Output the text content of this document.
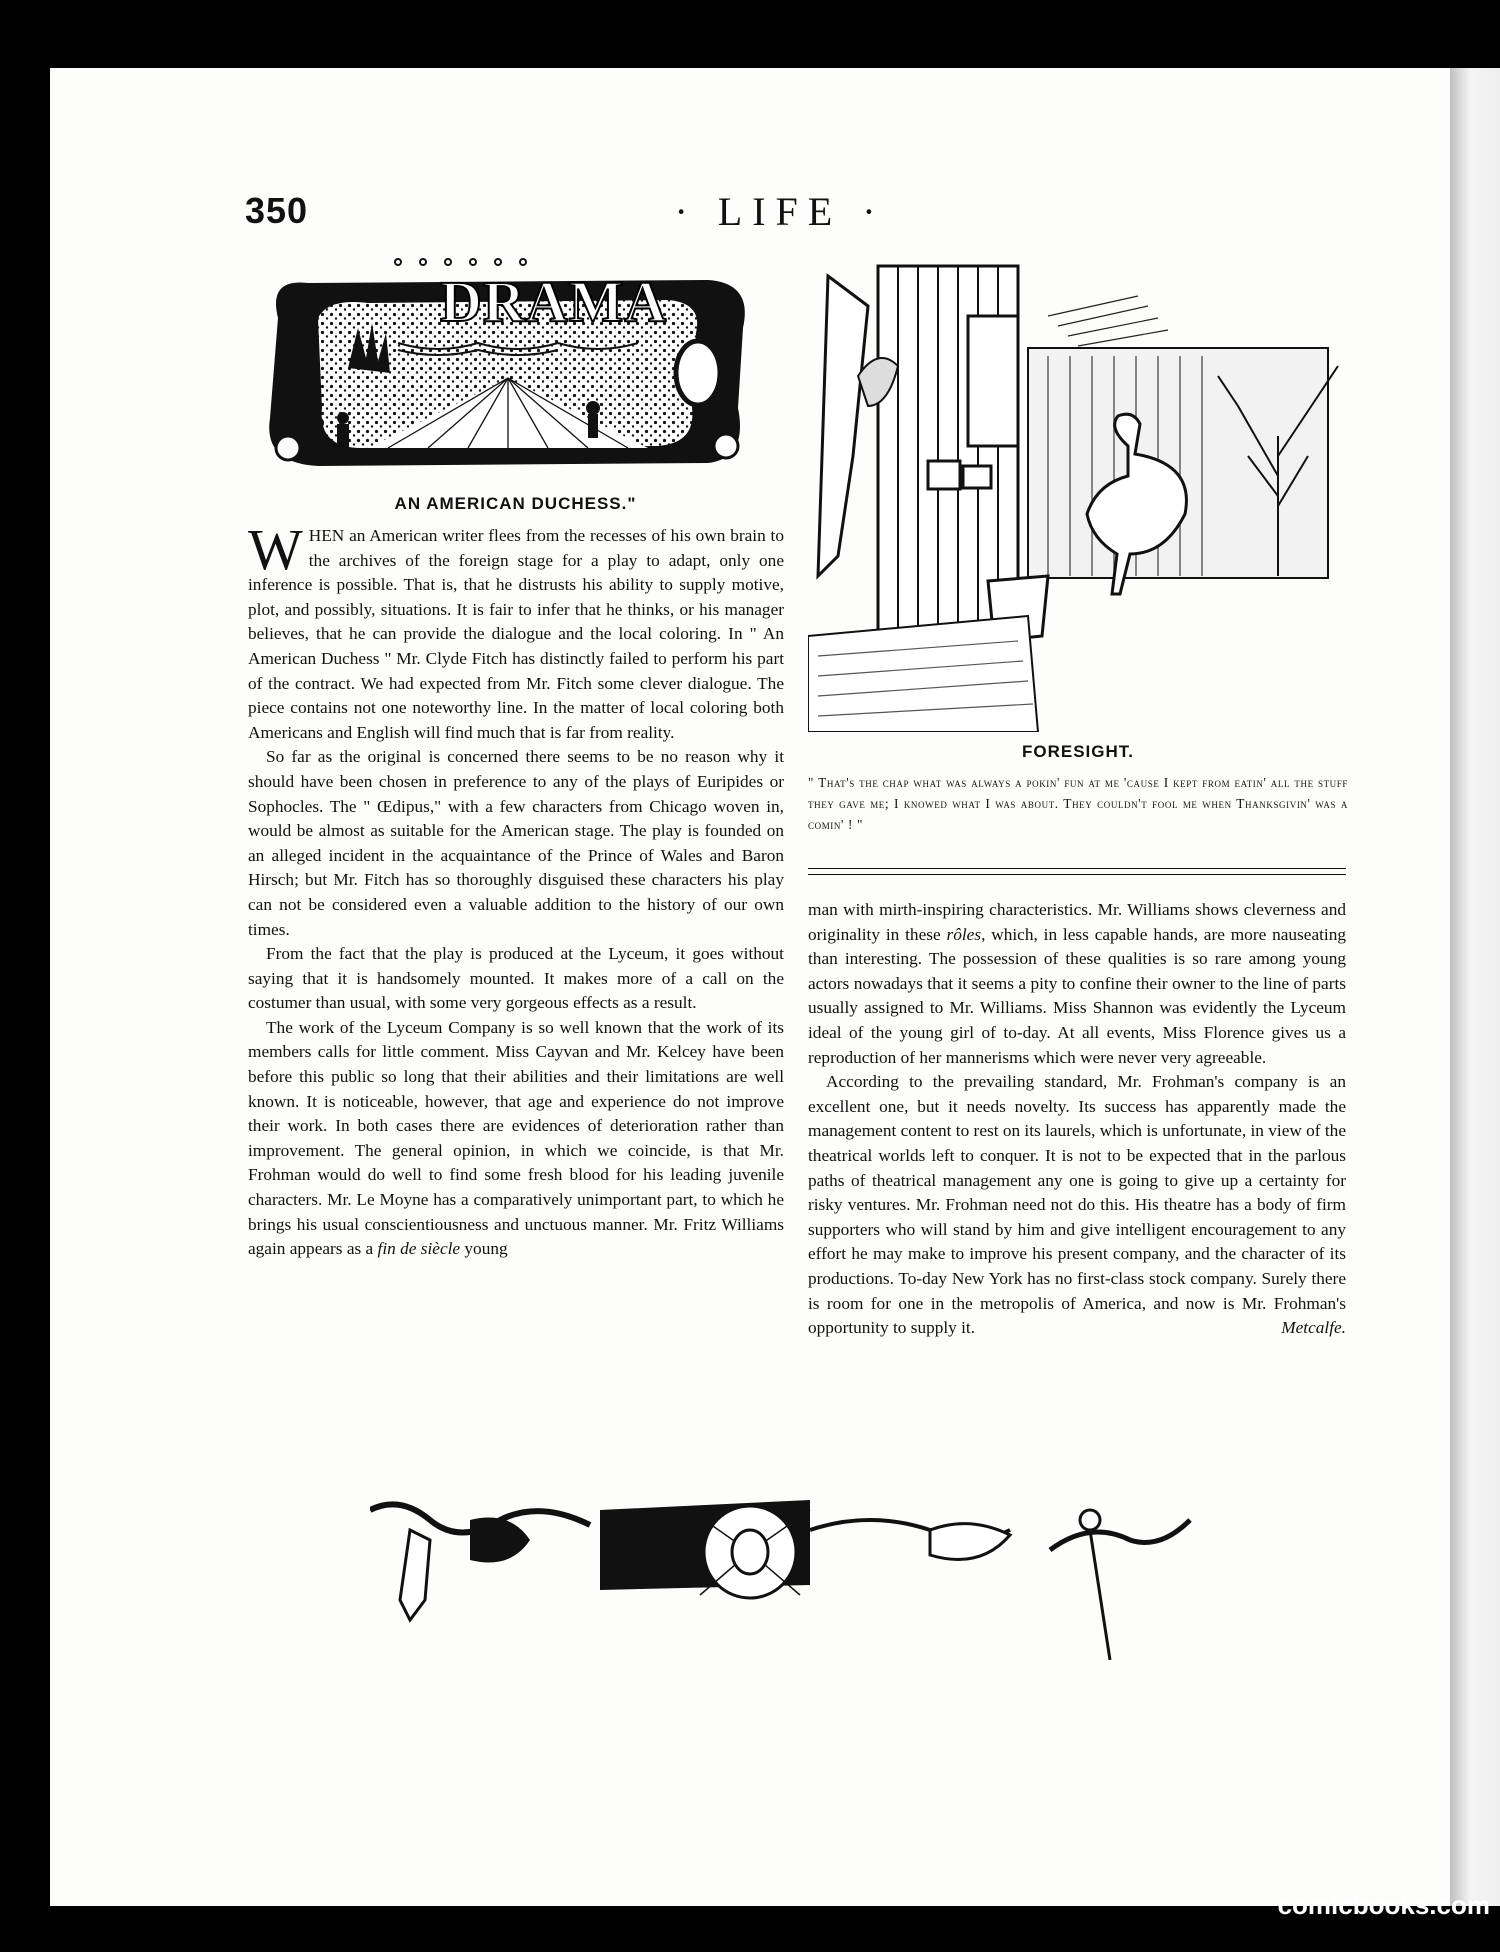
350	· LIFE ·
DRAMA
AN AMERICAN DUCHESS."

WHEN an American writer flees from the recesses of his own brain to the archives of the foreign stage for a play to adapt, only one inference is possible. That is, that he distrusts his ability to supply motive, plot, and possibly, situations. It is fair to infer that he thinks, or his manager believes, that he can provide the dialogue and the local coloring. In " An American Duchess " Mr. Clyde Fitch has distinctly failed to perform his part of the contract. We had expected from Mr. Fitch some clever dialogue. The piece contains not one noteworthy line. In the matter of local coloring both Americans and English will find much that is far from reality.

So far as the original is concerned there seems to be no reason why it should have been chosen in preference to any of the plays of Euripides or Sophocles. The " Œdipus," with a few characters from Chicago woven in, would be almost as suitable for the American stage. The play is founded on an alleged incident in the acquaintance of the Prince of Wales and Baron Hirsch; but Mr. Fitch has so thoroughly disguised these characters his play can not be considered even a valuable addition to the history of our own times.

From the fact that the play is produced at the Lyceum, it goes without saying that it is handsomely mounted. It makes more of a call on the costumer than usual, with some very gorgeous effects as a result.

The work of the Lyceum Company is so well known that the work of its members calls for little comment. Miss Cayvan and Mr. Kelcey have been before this public so long that their abilities and their limitations are well known. It is noticeable, however, that age and experience do not improve their work. In both cases there are evidences of deterioration rather than improvement. The general opinion, in which we coincide, is that Mr. Frohman would do well to find some fresh blood for his leading juvenile characters. Mr. Le Moyne has a comparatively unimportant part, to which he brings his usual conscientiousness and unctuous manner. Mr. Fritz Williams again appears as a fin de siècle young

FORESIGHT.
" That's the chap what was always a pokin' fun at me 'cause I kept from eatin' all the stuff they gave me; I knowed what I was about. They couldn't fool me when Thanksgivin' was a comin' ! "

man with mirth-inspiring characteristics. Mr. Williams shows cleverness and originality in these rôles, which, in less capable hands, are more nauseating than interesting. The possession of these qualities is so rare among young actors nowadays that it seems a pity to confine their owner to the line of parts usually assigned to Mr. Williams. Miss Shannon was evidently the Lyceum ideal of the young girl of to-day. At all events, Miss Florence gives us a reproduction of her mannerisms which were never very agreeable.

According to the prevailing standard, Mr. Frohman's company is an excellent one, but it needs novelty. Its success has apparently made the management content to rest on its laurels, which is unfortunate, in view of the theatrical worlds left to conquer. It is not to be expected that in the parlous paths of theatrical management any one is going to give up a certainty for risky ventures. Mr. Frohman need not do this. His theatre has a body of firm supporters who will stand by him and give intelligent encouragement to any effort he may make to improve his present company, and the character of its productions. To-day New York has no first-class stock company. Surely there is room for one in the metropolis of America, and now is Mr. Frohman's opportunity to supply it.	Metcalfe.

comicbooks.com
